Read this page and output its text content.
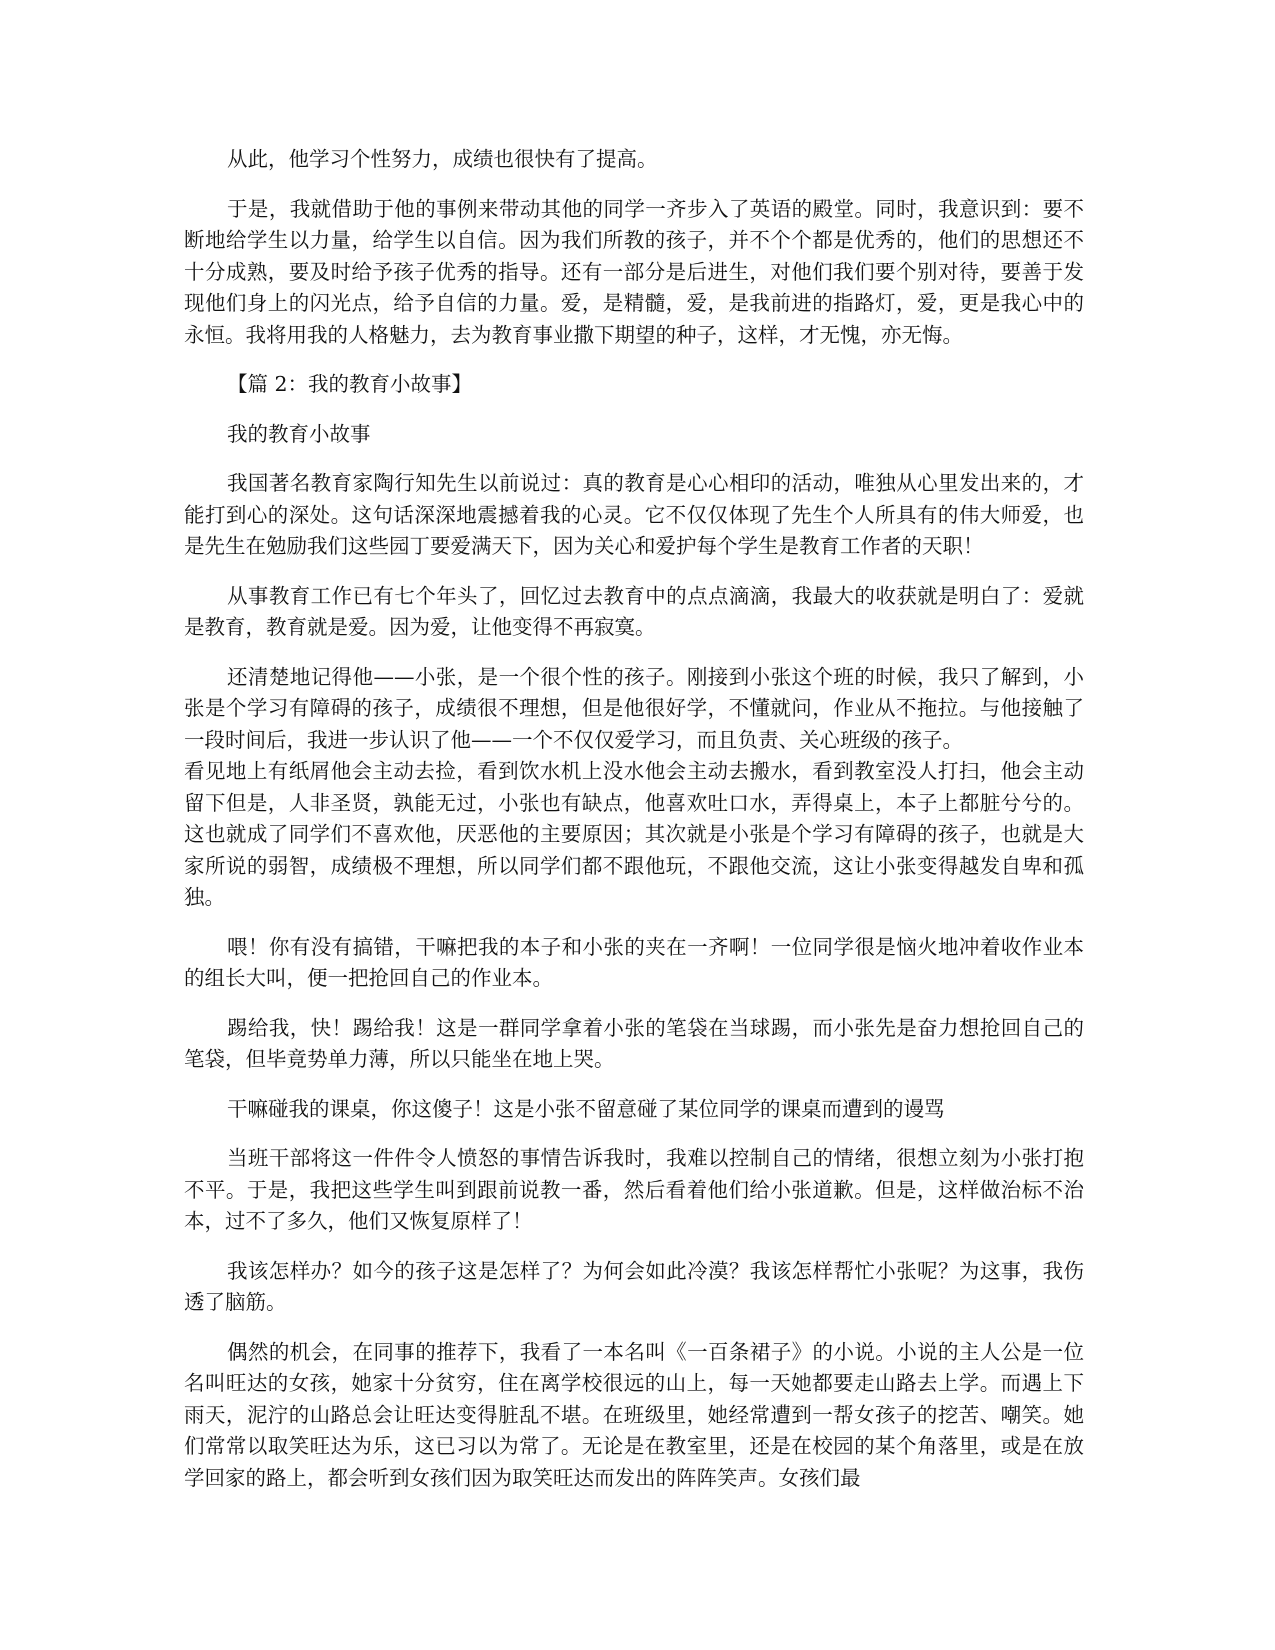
从此，他学习个性努力，成绩也很快有了提高。

于是，我就借助于他的事例来带动其他的同学一齐步入了英语的殿堂。同时，我意识到：要不断地给学生以力量，给学生以自信。因为我们所教的孩子，并不个个都是优秀的，他们的思想还不十分成熟，要及时给予孩子优秀的指导。还有一部分是后进生，对他们我们要个别对待，要善于发现他们身上的闪光点，给予自信的力量。爱，是精髓，爱，是我前进的指路灯，爱，更是我心中的永恒。我将用我的人格魅力，去为教育事业撒下期望的种子，这样，才无愧，亦无悔。

【篇 2：我的教育小故事】

我的教育小故事

我国著名教育家陶行知先生以前说过：真的教育是心心相印的活动，唯独从心里发出来的，才能打到心的深处。这句话深深地震撼着我的心灵。它不仅仅体现了先生个人所具有的伟大师爱，也是先生在勉励我们这些园丁要爱满天下，因为关心和爱护每个学生是教育工作者的天职！

从事教育工作已有七个年头了，回忆过去教育中的点点滴滴，我最大的收获就是明白了：爱就是教育，教育就是爱。因为爱，让他变得不再寂寞。

还清楚地记得他——小张，是一个很个性的孩子。刚接到小张这个班的时候，我只了解到，小张是个学习有障碍的孩子，成绩很不理想，但是他很好学，不懂就问，作业从不拖拉。与他接触了一段时间后，我进一步认识了他——一个不仅仅爱学习，而且负责、关心班级的孩子。
看见地上有纸屑他会主动去捡，看到饮水机上没水他会主动去搬水，看到教室没人打扫，他会主动留下但是，人非圣贤，孰能无过，小张也有缺点，他喜欢吐口水，弄得桌上，本子上都脏兮兮的。这也就成了同学们不喜欢他，厌恶他的主要原因；其次就是小张是个学习有障碍的孩子，也就是大家所说的弱智，成绩极不理想，所以同学们都不跟他玩，不跟他交流，这让小张变得越发自卑和孤独。

喂！你有没有搞错，干嘛把我的本子和小张的夹在一齐啊！一位同学很是恼火地冲着收作业本的组长大叫，便一把抢回自己的作业本。

踢给我，快！踢给我！这是一群同学拿着小张的笔袋在当球踢，而小张先是奋力想抢回自己的笔袋，但毕竟势单力薄，所以只能坐在地上哭。

干嘛碰我的课桌，你这傻子！这是小张不留意碰了某位同学的课桌而遭到的谩骂

当班干部将这一件件令人愤怒的事情告诉我时，我难以控制自己的情绪，很想立刻为小张打抱不平。于是，我把这些学生叫到跟前说教一番，然后看着他们给小张道歉。但是，这样做治标不治本，过不了多久，他们又恢复原样了！

我该怎样办？如今的孩子这是怎样了？为何会如此冷漠？我该怎样帮忙小张呢？为这事，我伤透了脑筋。

偶然的机会，在同事的推荐下，我看了一本名叫《一百条裙子》的小说。小说的主人公是一位名叫旺达的女孩，她家十分贫穷，住在离学校很远的山上，每一天她都要走山路去上学。而遇上下雨天，泥泞的山路总会让旺达变得脏乱不堪。在班级里，她经常遭到一帮女孩子的挖苦、嘲笑。她们常常以取笑旺达为乐，这已习以为常了。无论是在教室里，还是在校园的某个角落里，或是在放学回家的路上，都会听到女孩们因为取笑旺达而发出的阵阵笑声。女孩们最
